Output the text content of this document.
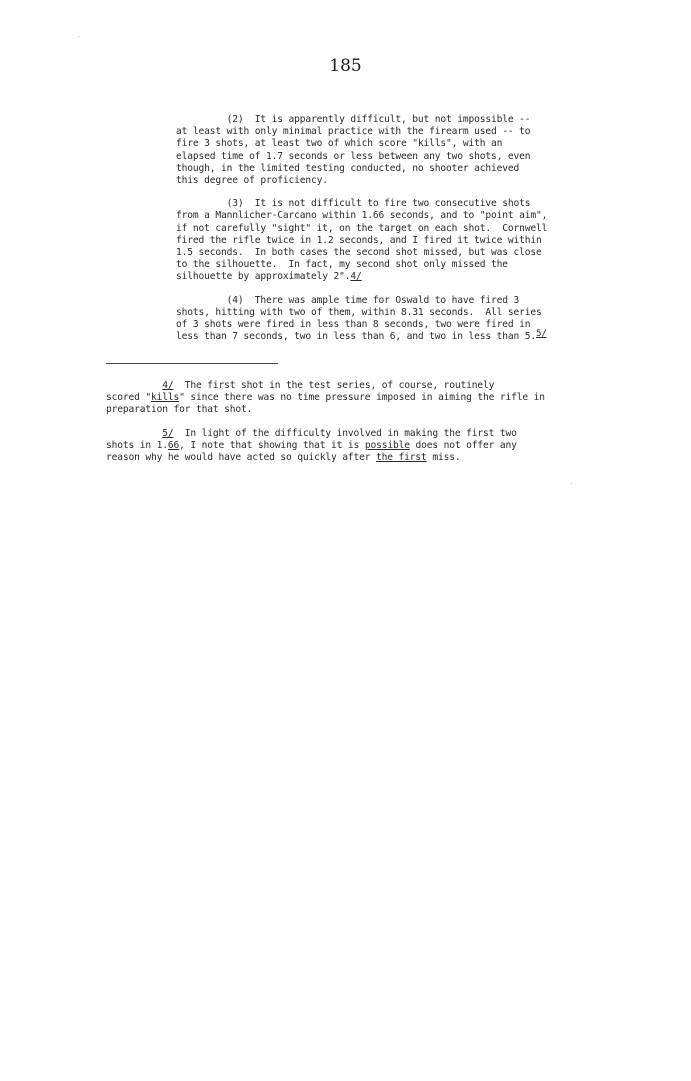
185
(2)  It is apparently difficult, but not impossible --
at least with only minimal practice with the firearm used -- to
fire 3 shots, at least two of which score "kills", with an
elapsed time of 1.7 seconds or less between any two shots, even
though, in the limited testing conducted, no shooter achieved
this degree of proficiency.
(3)  It is not difficult to fire two consecutive shots
from a Mannlicher-Carcano within 1.66 seconds, and to "point aim",
if not carefully "sight" it, on the target on each shot.  Cornwell
fired the rifle twice in 1.2 seconds, and I fired it twice within
1.5 seconds.  In both cases the second shot missed, but was close
to the silhouette.  In fact, my second shot only missed the
silhouette by approximately 2".4/
(4)  There was ample time for Oswald to have fired 3
shots, hitting with two of them, within 8.31 seconds.  All series
of 3 shots were fired in less than 8 seconds, two were fired in
less than 7 seconds, two in less than 6, and two in less than 5.5/
4/  The first shot in the test series, of course, routinely
scored "kills" since there was no time pressure imposed in aiming the rifle in
preparation for that shot.
5/  In light of the difficulty involved in making the first two
shots in 1.66, I note that showing that it is possible does not offer any
reason why he would have acted so quickly after the first miss.
